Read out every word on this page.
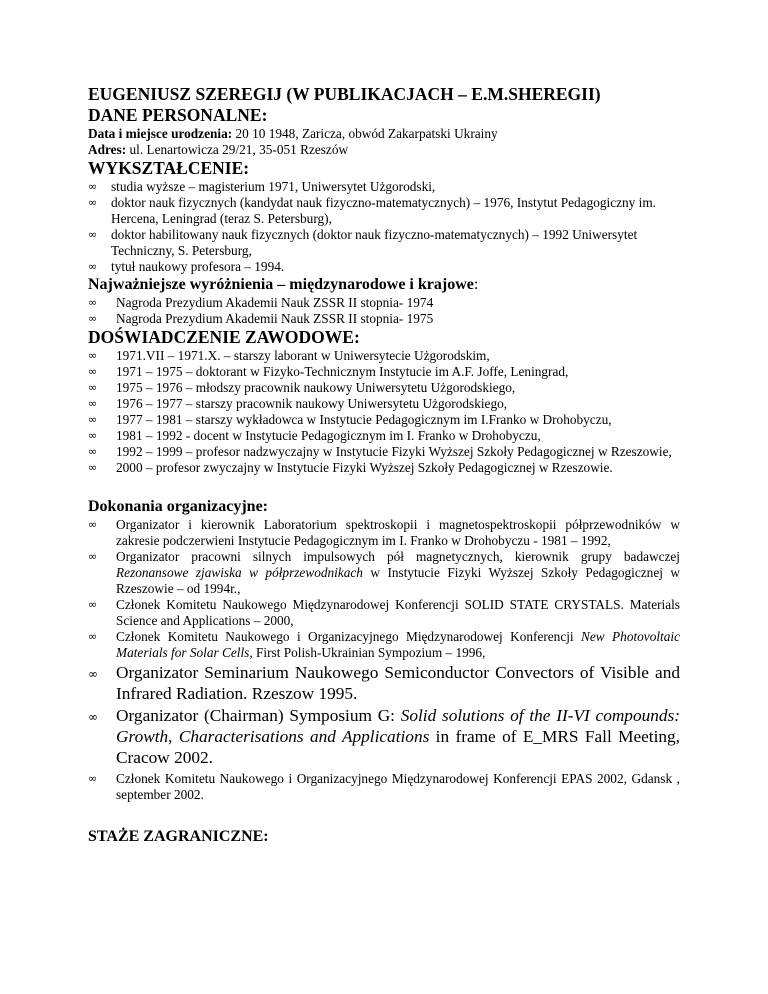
EUGENIUSZ SZEREGIJ (W PUBLIKACJACH – E.M.SHEREGII)
DANE PERSONALNE:

Data i miejsce urodzenia: 20 10 1948, Zaricza, obwód Zakarpatski Ukrainy

Adres: ul. Lenartowicza 29/21, 35-051 Rzeszów

WYKSZTAŁCENIE:
∞ studia wyższe – magisterium 1971, Uniwersytet Użgorodski,
∞ doktor nauk fizycznych (kandydat nauk fizyczno-matematycznych) – 1976, Instytut Pedagogiczny im. Hercena, Leningrad (teraz S. Petersburg),
∞ doktor habilitowany nauk fizycznych (doktor nauk fizyczno-matematycznych) – 1992 Uniwersytet Techniczny, S. Petersburg,
∞ tytuł naukowy profesora – 1994.
Najważniejsze wyróżnienia – międzynarodowe i krajowe:
∞ Nagroda Prezydium Akademii Nauk ZSSR II stopnia- 1974
∞ Nagroda Prezydium Akademii Nauk ZSSR II stopnia- 1975
DOŚWIADCZENIE ZAWODOWE:
∞ 1971.VII – 1971.X. – starszy laborant w Uniwersytecie Użgorodskim,
∞ 1971 – 1975 – doktorant w Fizyko-Technicznym Instytucie im A.F. Joffe, Leningrad,
∞ 1975 – 1976 – młodszy pracownik naukowy Uniwersytetu Użgorodskiego,
∞ 1976 – 1977 – starszy pracownik naukowy Uniwersytetu Użgorodskiego,
∞ 1977 – 1981 – starszy wykładowca w Instytucie Pedagogicznym im I.Franko w Drohobyczu,
∞ 1981 – 1992 - docent w Instytucie Pedagogicznym im I. Franko w Drohobyczu,
∞ 1992 – 1999 – profesor nadzwyczajny w Instytucie Fizyki Wyższej Szkoły Pedagogicznej w Rzeszowie,
∞ 2000 – profesor zwyczajny w Instytucie Fizyki Wyższej Szkoły Pedagogicznej w Rzeszowie.
Dokonania organizacyjne:
∞ Organizator i kierownik Laboratorium spektroskopii i magnetospektroskopii półprzewodników w zakresie podczerwieni Instytucie Pedagogicznym im I. Franko w Drohobyczu - 1981 – 1992,
∞ Organizator pracowni silnych impulsowych pół magnetycznych, kierownik grupy badawczej Rezonansowe zjawiska w półprzewodnikach w Instytucie Fizyki Wyższej Szkoły Pedagogicznej w Rzeszowie – od 1994r.,
∞ Członek Komitetu Naukowego Międzynarodowej Konferencji SOLID STATE CRYSTALS. Materials Science and Applications – 2000,
∞ Członek Komitetu Naukowego i Organizacyjnego Międzynarodowej Konferencji New Photovoltaic Materials for Solar Cells, First Polish-Ukrainian Sympozium – 1996,
∞ Organizator Seminarium Naukowego Semiconductor Convectors of Visible and Infrared Radiation. Rzeszow 1995.
∞ Organizator (Chairman) Symposium G: Solid solutions of the II-VI compounds: Growth, Characterisations and Applications in frame of E_MRS Fall Meeting, Cracow 2002.
∞ Członek Komitetu Naukowego i Organizacyjnego Międzynarodowej Konferencji EPAS 2002, Gdansk , september 2002.
STAŻE ZAGRANICZNE:
